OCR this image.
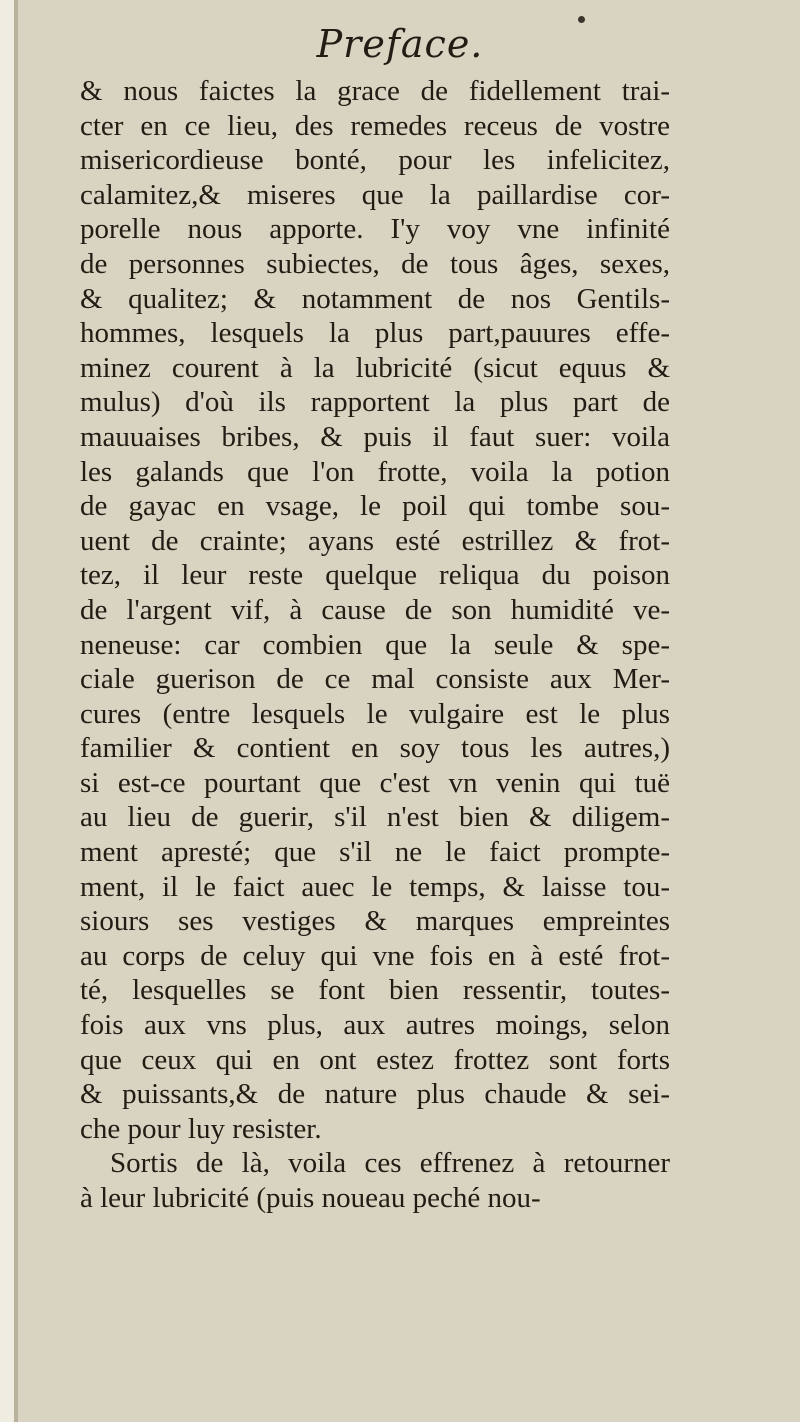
Preface.
& nous faictes la grace de fidellement trai-
cter en ce lieu, des remedes receus de vostre
misericordieuse bonté, pour les infelicitez,
calamitez,& miseres que la paillardise cor-
porelle nous apporte. I'y voy vne infinité
de personnes subiectes, de tous âges, sexes,
& qualitez; & notamment de nos Gentils-
hommes, lesquels la plus part,pauures effe-
minez courent à la lubricité (sicut equus &
mulus) d'où ils rapportent la plus part de
mauuaises bribes, & puis il faut suer: voila
les galands que l'on frotte, voila la potion
de gayac en vsage, le poil qui tombe sou-
uent de crainte; ayans esté estrillez & frot-
tez, il leur reste quelque reliqua du poison
de l'argent vif, à cause de son humidité ve-
neneuse: car combien que la seule & spe-
ciale guerison de ce mal consiste aux Mer-
cures (entre lesquels le vulgaire est le plus
familier & contient en soy tous les autres,)
si est-ce pourtant que c'est vn venin qui tuë
au lieu de guerir, s'il n'est bien & diligem-
ment apresté; que s'il ne le faict prompte-
ment, il le faict auec le temps, & laisse tou-
siours ses vestiges & marques empreintes
au corps de celuy qui vne fois en à esté frot-
té, lesquelles se font bien ressentir, toutes-
fois aux vns plus, aux autres moings, selon
que ceux qui en ont estez frottez sont forts
& puissants,& de nature plus chaude & sei-
che pour luy resister.
Sortis de là, voila ces effrenez à retourner
à leur lubricité (puis noueau peché nou-
